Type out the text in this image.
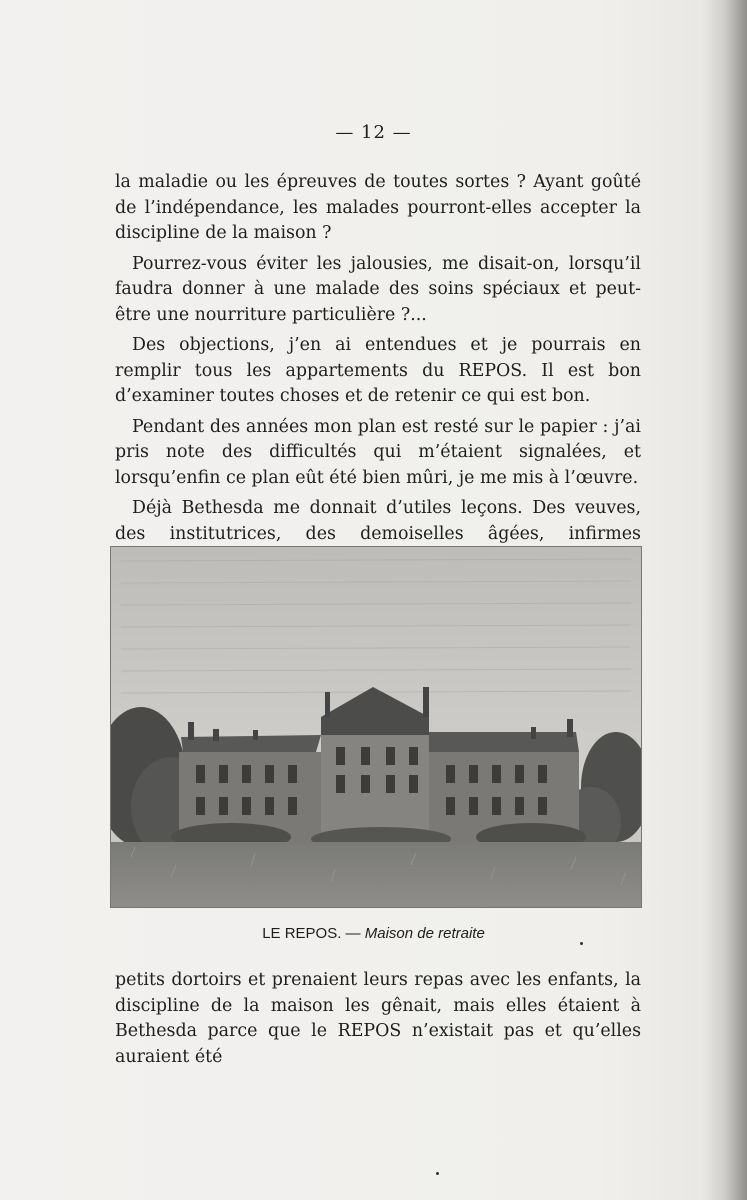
— 12 —

la maladie ou les épreuves de toutes sortes ? Ayant goûté de l’indépendance, les malades pourront-elles accepter la discipline de la maison ?

Pourrez-vous éviter les jalousies, me disait-on, lorsqu’il faudra donner à une malade des soins spéciaux et peut-être une nourriture particulière ?...

Des objections, j’en ai entendues et je pourrais en remplir tous les appartements du REPOS. Il est bon d’examiner toutes choses et de retenir ce qui est bon.

Pendant des années mon plan est resté sur le papier : j’ai pris note des difficultés qui m’étaient signalées, et lorsqu’enfin ce plan eût été bien mûri, je me mis à l’œuvre.

Déjà Bethesda me donnait d’utiles leçons. Des veuves, des institutrices, des demoiselles âgées, infirmes

LE REPOS. — Maison de retraite

petits dortoirs et prenaient leurs repas avec les enfants, la discipline de la maison les gênait, mais elles étaient à Bethesda parce que le REPOS n’existait pas et qu’elles auraient été
